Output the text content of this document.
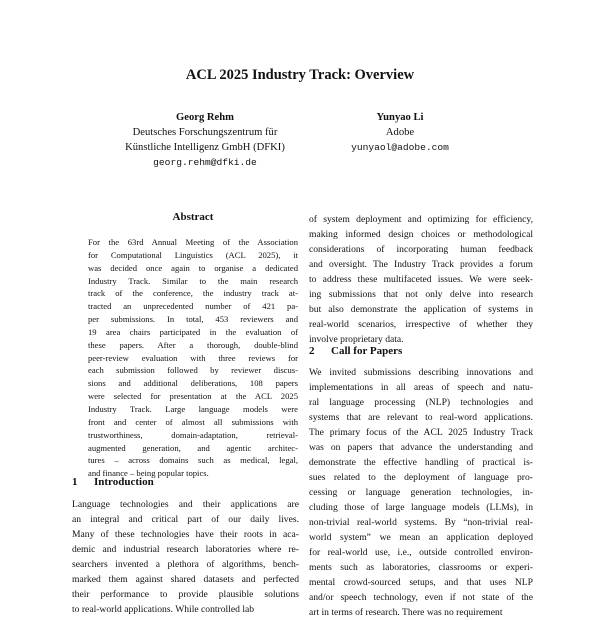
ACL 2025 Industry Track: Overview
Georg Rehm
Deutsches Forschungszentrum für
Künstliche Intelligenz GmbH (DFKI)
georg.rehm@dfki.de
Yunyao Li
Adobe
yunyaol@adobe.com
Abstract
For the 63rd Annual Meeting of the Association
for Computational Linguistics (ACL 2025), it
was decided once again to organise a dedicated
Industry Track. Similar to the main research
track of the conference, the industry track at-
tracted an unprecedented number of 421 pa-
per submissions. In total, 453 reviewers and
19 area chairs participated in the evaluation of
these papers. After a thorough, double-blind
peer-review evaluation with three reviews for
each submission followed by reviewer discus-
sions and additional deliberations, 108 papers
were selected for presentation at the ACL 2025
Industry Track. Large language models were
front and center of almost all submissions with
trustworthiness, domain-adaptation, retrieval-
augmented generation, and agentic architec-
tures – across domains such as medical, legal,
and finance – being popular topics.
1 Introduction
Language technologies and their applications are
an integral and critical part of our daily lives.
Many of these technologies have their roots in aca-
demic and industrial research laboratories where re-
searchers invented a plethora of algorithms, bench-
marked them against shared datasets and perfected
their performance to provide plausible solutions
to real-world applications. While controlled lab
of system deployment and optimizing for efficiency,
making informed design choices or methodological
considerations of incorporating human feedback
and oversight. The Industry Track provides a forum
to address these multifaceted issues. We were seek-
ing submissions that not only delve into research
but also demonstrate the application of systems in
real-world scenarios, irrespective of whether they
involve proprietary data.
2 Call for Papers
We invited submissions describing innovations and
implementations in all areas of speech and natu-
ral language processing (NLP) technologies and
systems that are relevant to real-word applications.
The primary focus of the ACL 2025 Industry Track
was on papers that advance the understanding and
demonstrate the effective handling of practical is-
sues related to the deployment of language pro-
cessing or language generation technologies, in-
cluding those of large language models (LLMs), in
non-trivial real-world systems. By “non-trivial real-
world system” we mean an application deployed
for real-world use, i.e., outside controlled environ-
ments such as laboratories, classrooms or experi-
mental crowd-sourced setups, and that uses NLP
and/or speech technology, even if not state of the
art in terms of research. There was no requirement
